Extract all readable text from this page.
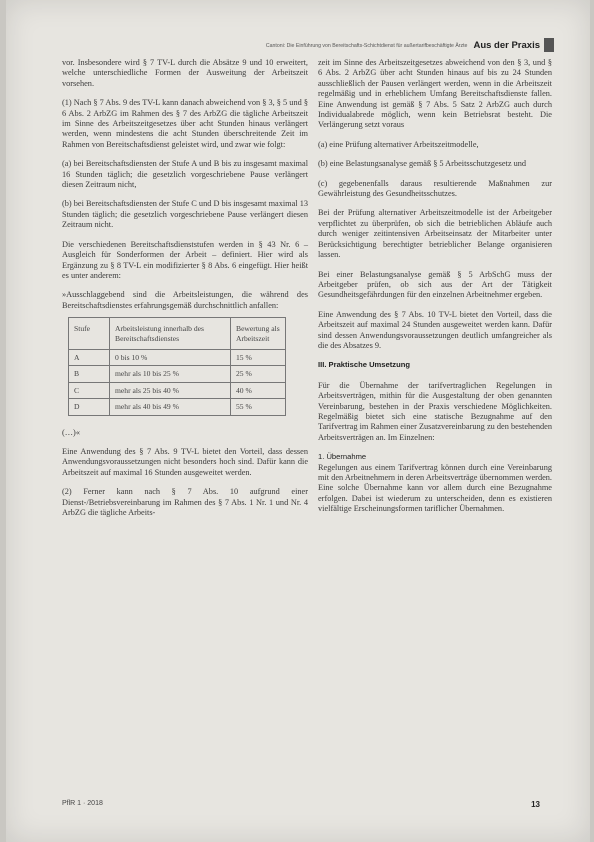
Cantoni: Die Einführung von Bereitschafts-Schichtdienst für außertarifbeschäftigte Ärzte Aus der Praxis

vor. Insbesondere wird § 7 TV-L durch die Absätze 9 und 10 erweitert, welche unterschiedliche Formen der Ausweitung der Arbeitszeit vorsehen.

(1) Nach § 7 Abs. 9 des TV-L kann danach abweichend von § 3, § 5 und § 6 Abs. 2 ArbZG im Rahmen des § 7 des ArbZG die tägliche Arbeitszeit im Sinne des Arbeitszeitgesetzes über acht Stunden hinaus verlängert werden, wenn mindestens die acht Stunden überschreitende Zeit im Rahmen von Bereitschaftsdienst geleistet wird, und zwar wie folgt:

(a) bei Bereitschaftsdiensten der Stufe A und B bis zu insgesamt maximal 16 Stunden täglich; die gesetzlich vorgeschriebene Pause verlängert diesen Zeitraum nicht,

(b) bei Bereitschaftsdiensten der Stufe C und D bis insgesamt maximal 13 Stunden täglich; die gesetzlich vorgeschriebene Pause verlängert diesen Zeitraum nicht.

Die verschiedenen Bereitschaftsdienststufen werden in § 43 Nr. 6 – Ausgleich für Sonderformen der Arbeit – definiert. Hier wird als Ergänzung zu § 8 TV-L ein modifizierter § 8 Abs. 6 eingefügt. Hier heißt es unter anderem:

»Ausschlaggebend sind die Arbeitsleistungen, die während des Bereitschaftsdienstes erfahrungsgemäß durchschnittlich anfallen:

Stufe	Arbeitsleistung innerhalb des Bereitschaftsdienstes	Bewertung als Arbeitszeit
A	0 bis 10 %	15 %
B	mehr als 10 bis 25 %	25 %
C	mehr als 25 bis 40 %	40 %
D	mehr als 40 bis 49 %	55 %

(…)«

Eine Anwendung des § 7 Abs. 9 TV-L bietet den Vorteil, dass dessen Anwendungsvoraussetzungen nicht besonders hoch sind. Dafür kann die Arbeitszeit auf maximal 16 Stunden ausgeweitet werden.

(2) Ferner kann nach § 7 Abs. 10 aufgrund einer Dienst-/Betriebsvereinbarung im Rahmen des § 7 Abs. 1 Nr. 1 und Nr. 4 ArbZG die tägliche Arbeits-

zeit im Sinne des Arbeitszeitgesetzes abweichend von den § 3, und § 6 Abs. 2 ArbZG über acht Stunden hinaus auf bis zu 24 Stunden ausschließlich der Pausen verlängert werden, wenn in die Arbeitszeit regelmäßig und in erheblichem Umfang Bereitschaftsdienste fallen. Eine Anwendung ist gemäß § 7 Abs. 5 Satz 2 ArbZG auch durch Individualabrede möglich, wenn kein Betriebsrat besteht. Die Verlängerung setzt voraus

(a) eine Prüfung alternativer Arbeitszeitmodelle,

(b) eine Belastungsanalyse gemäß § 5 Arbeitsschutzgesetz und

(c) gegebenenfalls daraus resultierende Maßnahmen zur Gewährleistung des Gesundheitsschutzes.

Bei der Prüfung alternativer Arbeitszeitmodelle ist der Arbeitgeber verpflichtet zu überprüfen, ob sich die betrieblichen Abläufe auch durch weniger zeitintensiven Arbeitseinsatz der Mitarbeiter unter Berücksichtigung berechtigter betrieblicher Belange organisieren lassen.

Bei einer Belastungsanalyse gemäß § 5 ArbSchG muss der Arbeitgeber prüfen, ob sich aus der Art der Tätigkeit Gesundheitsgefährdungen für den einzelnen Arbeitnehmer ergeben.

Eine Anwendung des § 7 Abs. 10 TV-L bietet den Vorteil, dass die Arbeitszeit auf maximal 24 Stunden ausgeweitet werden kann. Dafür sind dessen Anwendungsvoraussetzungen deutlich umfangreicher als die des Absatzes 9.

III. Praktische Umsetzung

Für die Übernahme der tarifvertraglichen Regelungen in Arbeitsverträgen, mithin für die Ausgestaltung der oben genannten Vereinbarung, bestehen in der Praxis verschiedene Möglichkeiten. Regelmäßig bietet sich eine statische Bezugnahme auf den Tarifvertrag im Rahmen einer Zusatzvereinbarung zu den bestehenden Arbeitsverträgen an. Im Einzelnen:

1. Übernahme

Regelungen aus einem Tarifvertrag können durch eine Vereinbarung mit den Arbeitnehmern in deren Arbeitsverträge übernommen werden. Eine solche Übernahme kann vor allem durch eine Bezugnahme erfolgen. Dabei ist wiederum zu unterscheiden, denn es existieren vielfältige Erscheinungsformen tariflicher Übernahmen.

PflR 1 · 2018	13
